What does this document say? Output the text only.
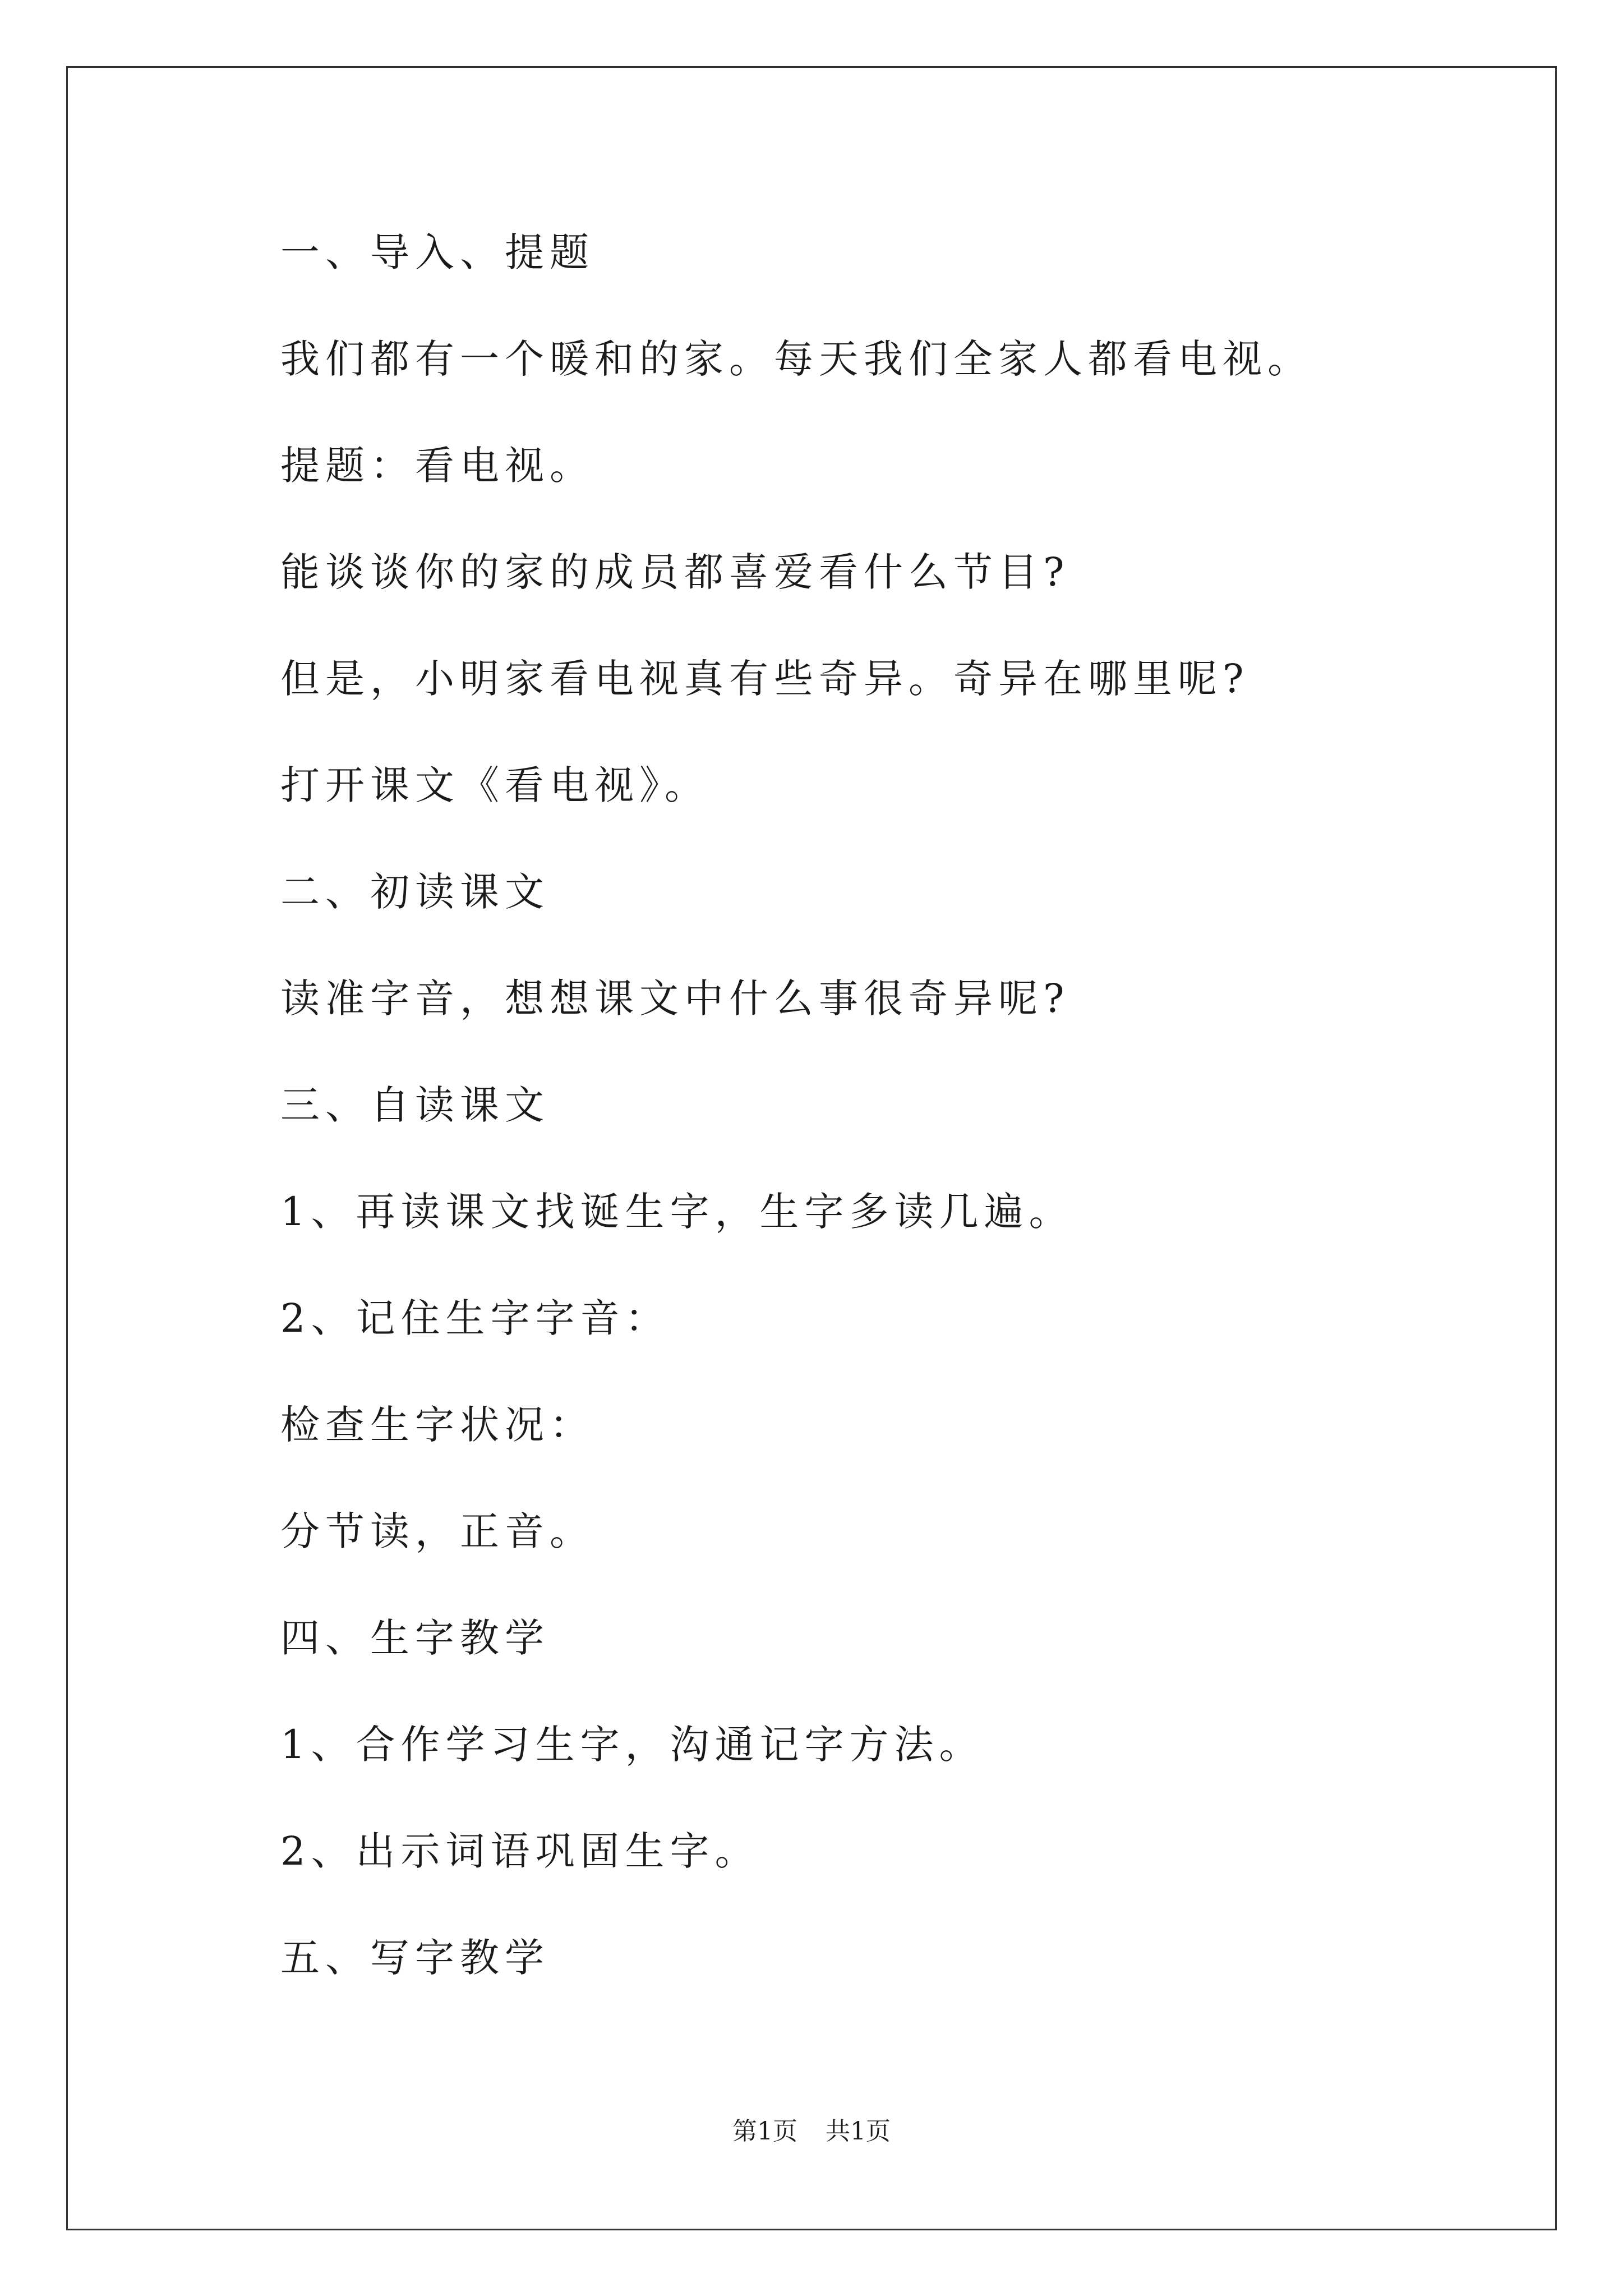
一、导入、提题
我们都有一个暖和的家。每天我们全家人都看电视。
提题：看电视。
能谈谈你的家的成员都喜爱看什么节目?
但是，小明家看电视真有些奇异。奇异在哪里呢?
打开课文《看电视》。
二、初读课文
读准字音，想想课文中什么事很奇异呢?
三、自读课文
1、再读课文找诞生字，生字多读几遍。
2、记住生字字音：
检查生字状况：
分节读，正音。
四、生字教学
1、合作学习生字，沟通记字方法。
2、出示词语巩固生字。
五、写字教学
第1页 共1页
